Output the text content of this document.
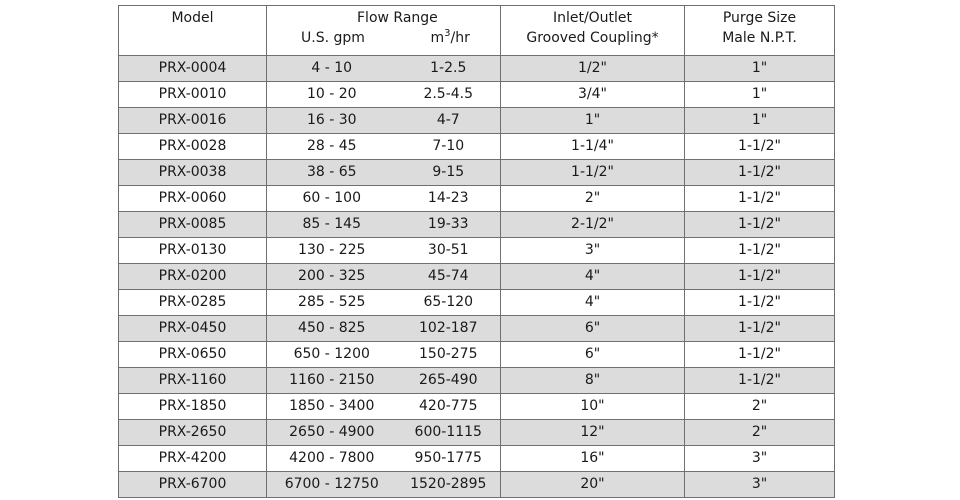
Model	Flow Range		Inlet/Outlet	Purge Size
	U.S. gpm	$m^3/hr$	Grooved Coupling*	Male N.P.T.
PRX-0004	4 - 10	1-2.5	1/2"	1"
PRX-0010	10 - 20	2.5-4.5	3/4"	1"
PRX-0016	16 - 30	4-7	1"	1"
PRX-0028	28 - 45	7-10	1-1/4"	1-1/2"
PRX-0038	38 - 65	9-15	1-1/2"	1-1/2"
PRX-0060	60 - 100	14-23	2"	1-1/2"
PRX-0085	85 - 145	19-33	2-1/2"	1-1/2"
PRX-0130	130 - 225	30-51	3"	1-1/2"
PRX-0200	200 - 325	45-74	4"	1-1/2"
PRX-0285	285 - 525	65-120	4"	1-1/2"
PRX-0450	450 - 825	102-187	6"	1-1/2"
PRX-0650	650 - 1200	150-275	6"	1-1/2"
PRX-1160	1160 - 2150	265-490	8"	1-1/2"
PRX-1850	1850 - 3400	420-775	10"	2"
PRX-2650	2650 - 4900	600-1115	12"	2"
PRX-4200	4200 - 7800	950-1775	16"	3"
PRX-6700	6700 - 12750	1520-2895	20"	3"
